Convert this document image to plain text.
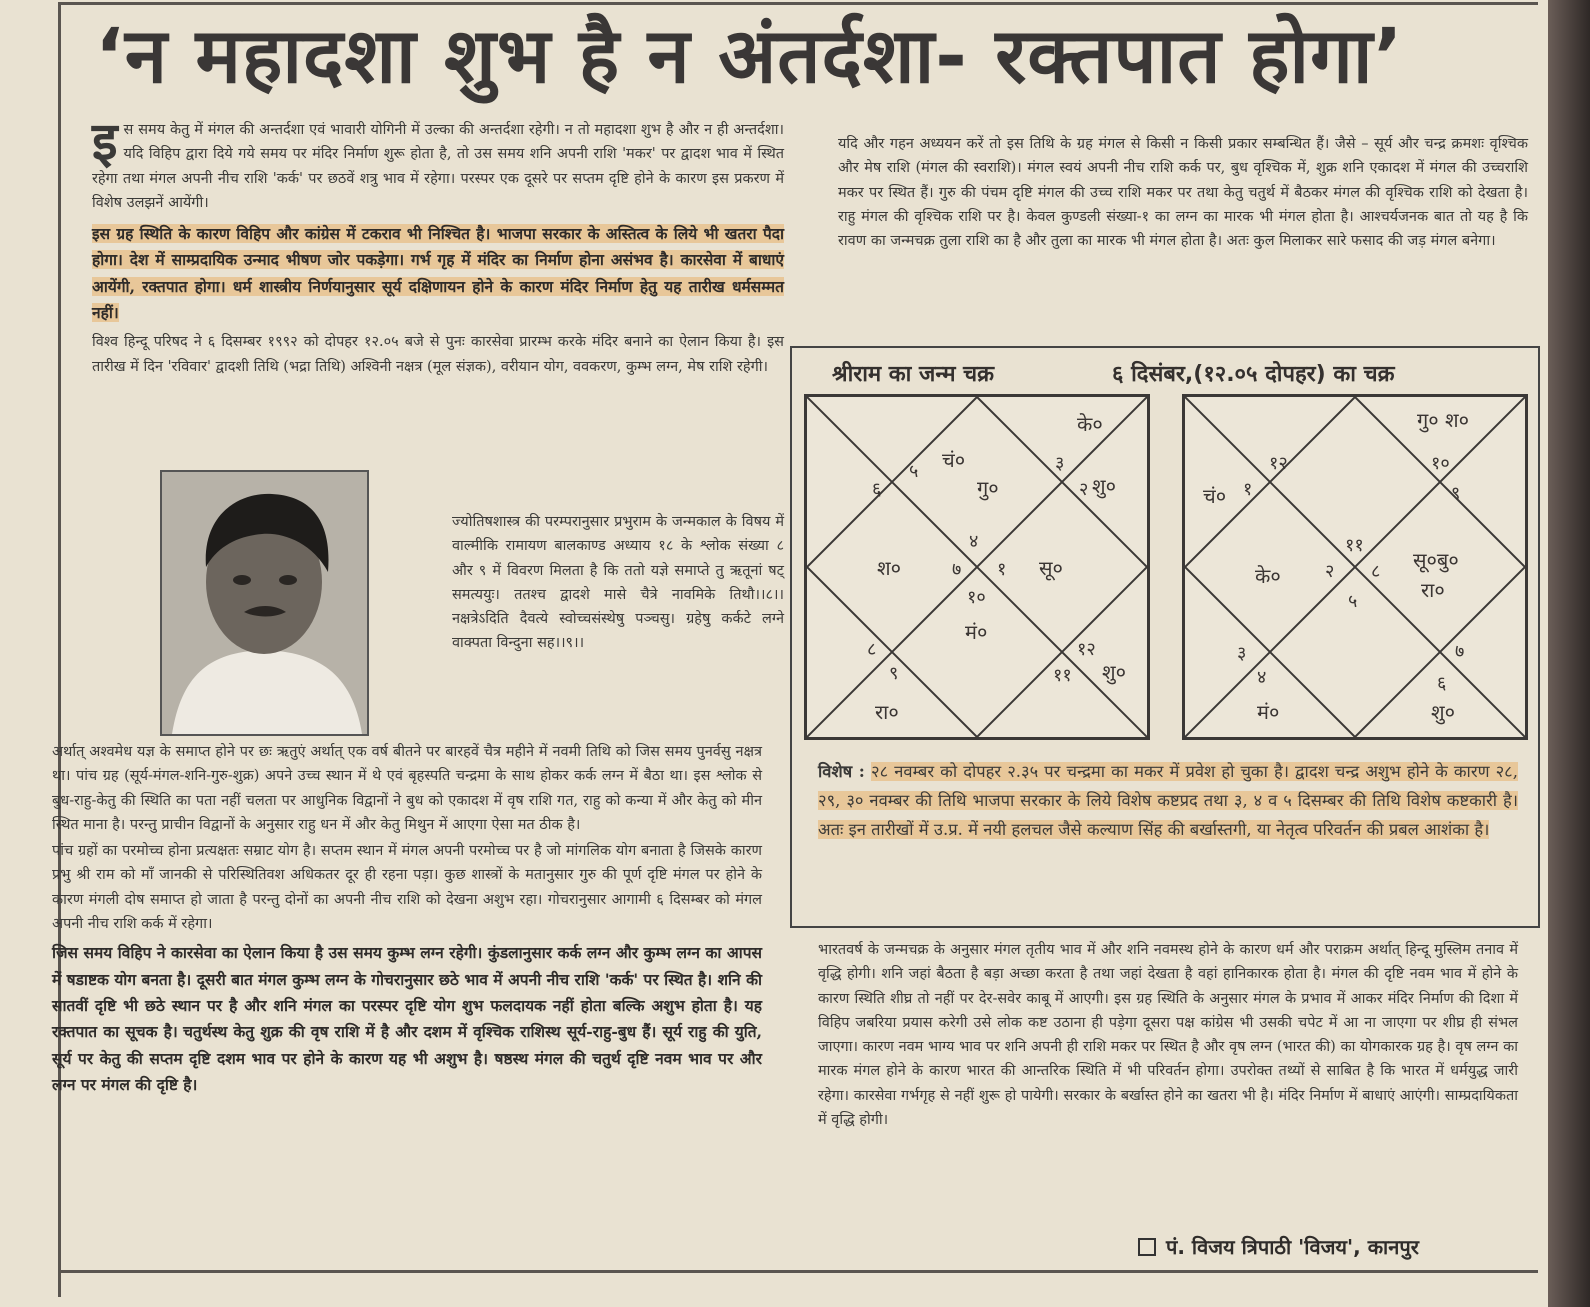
‘न महादशा शुभ है न अंतर्दशा- रक्तपात होगा’

इस समय केतु में मंगल की अन्तर्दशा एवं भावारी योगिनी में उल्का की अन्तर्दशा रहेगी। न तो महादशा शुभ है और न ही अन्तर्दशा। यदि विहिप द्वारा दिये गये समय पर मंदिर निर्माण शुरू होता है, तो उस समय शनि अपनी राशि 'मकर' पर द्वादश भाव में स्थित रहेगा तथा मंगल अपनी नीच राशि 'कर्क' पर छठवें शत्रु भाव में रहेगा। परस्पर एक दूसरे पर सप्तम दृष्टि होने के कारण इस प्रकरण में विशेष उलझनें आयेंगी।

इस ग्रह स्थिति के कारण विहिप और कांग्रेस में टकराव भी निश्चित है। भाजपा सरकार के अस्तित्व के लिये भी खतरा पैदा होगा। देश में साम्प्रदायिक उन्माद भीषण जोर पकड़ेगा। गर्भ गृह में मंदिर का निर्माण होना असंभव है। कारसेवा में बाधाएं आयेंगी, रक्तपात होगा। धर्म शास्त्रीय निर्णयानुसार सूर्य दक्षिणायन होने के कारण मंदिर निर्माण हेतु यह तारीख धर्मसम्मत नहीं।

विश्व हिन्दू परिषद ने ६ दिसम्बर १९९२ को दोपहर १२.०५ बजे से पुनः कारसेवा प्रारम्भ करके मंदिर बनाने का ऐलान किया है। इस तारीख में दिन 'रविवार' द्वादशी तिथि (भद्रा तिथि) अश्विनी नक्षत्र (मूल संज्ञक), वरीयान योग, ववकरण, कुम्भ लग्न, मेष राशि रहेगी।

ज्योतिषशास्त्र की परम्परानुसार प्रभुराम के जन्मकाल के विषय में वाल्मीकि रामायण बालकाण्ड अध्याय १८ के श्लोक संख्या ८ और ९ में विवरण मिलता है कि ततो यज्ञे समाप्ते तु ऋतूनां षट् समत्ययुः। ततश्च द्वादशे मासे चैत्रे नावमिके तिथौ।।८।। नक्षत्रेऽदिति दैवत्ये स्वोच्चसंस्थेषु पञ्चसु। ग्रहेषु कर्कटे लग्ने वाक्पता विन्दुना सह।।९।।

अर्थात् अश्वमेध यज्ञ के समाप्त होने पर छः ऋतुएं अर्थात् एक वर्ष बीतने पर बारहवें चैत्र महीने में नवमी तिथि को जिस समय पुनर्वसु नक्षत्र था। पांच ग्रह (सूर्य-मंगल-शनि-गुरु-शुक्र) अपने उच्च स्थान में थे एवं बृहस्पति चन्द्रमा के साथ होकर कर्क लग्न में बैठा था। इस श्लोक से बुध-राहु-केतु की स्थिति का पता नहीं चलता पर आधुनिक विद्वानों ने बुध को एकादश में वृष राशि गत, राहु को कन्या में और केतु को मीन स्थित माना है। परन्तु प्राचीन विद्वानों के अनुसार राहु धन में और केतु मिथुन में आएगा ऐसा मत ठीक है।

पांच ग्रहों का परमोच्च होना प्रत्यक्षतः सम्राट योग है। सप्तम स्थान में मंगल अपनी परमोच्च पर है जो मांगलिक योग बनाता है जिसके कारण प्रभु श्री राम को माँ जानकी से परिस्थितिवश अधिकतर दूर ही रहना पड़ा। कुछ शास्त्रों के मतानुसार गुरु की पूर्ण दृष्टि मंगल पर होने के कारण मंगली दोष समाप्त हो जाता है परन्तु दोनों का अपनी नीच राशि को देखना अशुभ रहा। गोचरानुसार आगामी ६ दिसम्बर को मंगल अपनी नीच राशि कर्क में रहेगा।

जिस समय विहिप ने कारसेवा का ऐलान किया है उस समय कुम्भ लग्न रहेगी। कुंडलानुसार कर्क लग्न और कुम्भ लग्न का आपस में षडाष्टक योग बनता है। दूसरी बात मंगल कुम्भ लग्न के गोचरानुसार छठे भाव में अपनी नीच राशि 'कर्क' पर स्थित है। शनि की सातवीं दृष्टि भी छठे स्थान पर है और शनि मंगल का परस्पर दृष्टि योग शुभ फलदायक नहीं होता बल्कि अशुभ होता है। यह रक्तपात का सूचक है। चतुर्थस्थ केतु शुक्र की वृष राशि में है और दशम में वृश्चिक राशिस्थ सूर्य-राहु-बुध हैं। सूर्य राहु की युति, सूर्य पर केतु की सप्तम दृष्टि दशम भाव पर होने के कारण यह भी अशुभ है। षष्ठस्थ मंगल की चतुर्थ दृष्टि नवम भाव पर और लग्न पर मंगल की दृष्टि है।

यदि और गहन अध्ययन करें तो इस तिथि के ग्रह मंगल से किसी न किसी प्रकार सम्बन्धित हैं। जैसे – सूर्य और चन्द्र क्रमशः वृश्चिक और मेष राशि (मंगल की स्वराशि)। मंगल स्वयं अपनी नीच राशि कर्क पर, बुध वृश्चिक में, शुक्र शनि एकादश में मंगल की उच्चराशि मकर पर स्थित हैं। गुरु की पंचम दृष्टि मंगल की उच्च राशि मकर पर तथा केतु चतुर्थ में बैठकर मंगल की वृश्चिक राशि को देखता है। राहु मंगल की वृश्चिक राशि पर है। केवल कुण्डली संख्या-१ का लग्न का मारक भी मंगल होता है। आश्चर्यजनक बात तो यह है कि रावण का जन्मचक्र तुला राशि का है और तुला का मारक भी मंगल होता है। अतः कुल मिलाकर सारे फसाद की जड़ मंगल बनेगा।

श्रीराम का जन्म चक्र	६ दिसंबर,(१२.०५ दोपहर) का चक्र
४
५
६
७
८
९
१०
११
१२
१
२
३
के०
चं०
गु०	शु०
श०	सू०
मं०
शु०
रा०
११
१२
१
२
३
४
५
६
७
८
९
१०
गु० श०
चं०
के०
सू०बु०
रा०
मं०	शु०
विशेष : २८ नवम्बर को दोपहर २.३५ पर चन्द्रमा का मकर में प्रवेश हो चुका है। द्वादश चन्द्र अशुभ होने के कारण २८, २९, ३० नवम्बर की तिथि भाजपा सरकार के लिये विशेष कष्टप्रद तथा ३, ४ व ५ दिसम्बर की तिथि विशेष कष्टकारी है। अतः इन तारीखों में उ.प्र. में नयी हलचल जैसे कल्याण सिंह की बर्खास्तगी, या नेतृत्व परिवर्तन की प्रबल आशंका है।

भारतवर्ष के जन्मचक्र के अनुसार मंगल तृतीय भाव में और शनि नवमस्थ होने के कारण धर्म और पराक्रम अर्थात् हिन्दू मुस्लिम तनाव में वृद्धि होगी। शनि जहां बैठता है बड़ा अच्छा करता है तथा जहां देखता है वहां हानिकारक होता है। मंगल की दृष्टि नवम भाव में होने के कारण स्थिति शीघ्र तो नहीं पर देर-सवेर काबू में आएगी। इस ग्रह स्थिति के अनुसार मंगल के प्रभाव में आकर मंदिर निर्माण की दिशा में विहिप जबरिया प्रयास करेगी उसे लोक कष्ट उठाना ही पड़ेगा दूसरा पक्ष कांग्रेस भी उसकी चपेट में आ ना जाएगा पर शीघ्र ही संभल जाएगा। कारण नवम भाग्य भाव पर शनि अपनी ही राशि मकर पर स्थित है और वृष लग्न (भारत की) का योगकारक ग्रह है। वृष लग्न का मारक मंगल होने के कारण भारत की आन्तरिक स्थिति में भी परिवर्तन होगा। उपरोक्त तथ्यों से साबित है कि भारत में धर्मयुद्ध जारी रहेगा। कारसेवा गर्भगृह से नहीं शुरू हो पायेगी। सरकार के बर्खास्त होने का खतरा भी है। मंदिर निर्माण में बाधाएं आएंगी। साम्प्रदायिकता में वृद्धि होगी।

पं. विजय त्रिपाठी 'विजय', कानपुर
